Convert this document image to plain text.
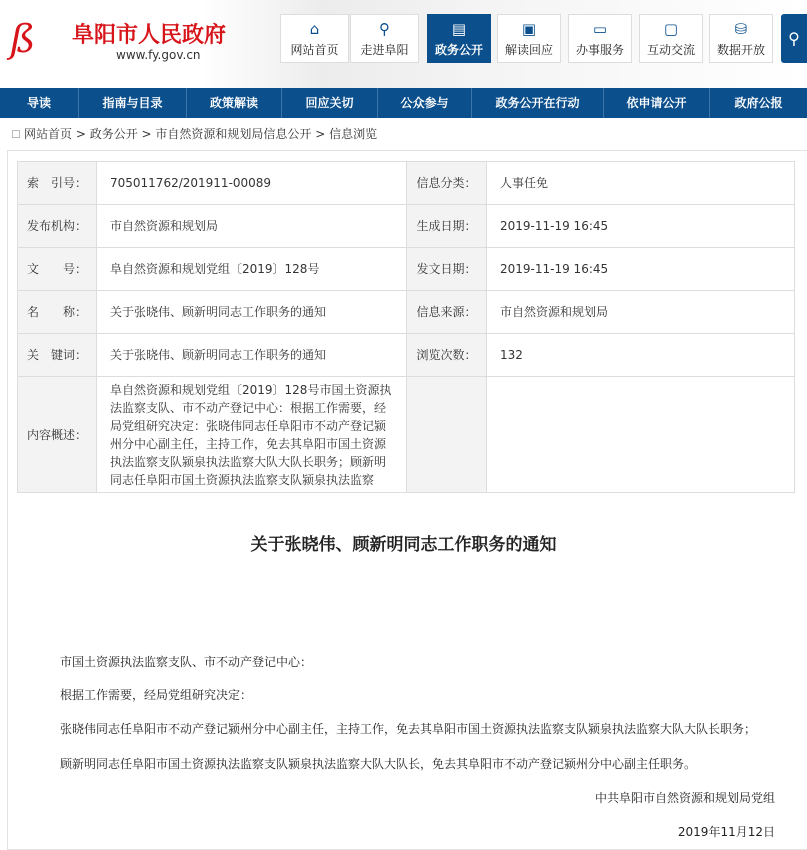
ß	阜阳市人民政府
www.fy.gov.cn
⌂
网站首页
⚲
走进阜阳
▤
政务公开
▣
解读回应
▭
办事服务
▢
互动交流
⛁
数据开放
⚲
导读	指南与目录	政策解读	回应关切	公众参与	政务公开在行动	依申请公开	政府公报
网站首页 > 政务公开 > 市自然资源和规划局信息公开 > 信息浏览
索　引号：	705011762/201911-00089	信息分类：	人事任免
发布机构：	市自然资源和规划局	生成日期：	2019-11-19 16:45
文　　号：	阜自然资源和规划党组〔2019〕128号	发文日期：	2019-11-19 16:45
名　　称：	关于张晓伟、顾新明同志工作职务的通知	信息来源：	市自然资源和规划局
关　键词：	关于张晓伟、顾新明同志工作职务的通知	浏览次数：	132
内容概述：	阜自然资源和规划党组〔2019〕128号市国土资源执法监察支队、市不动产登记中心：根据工作需要，经局党组研究决定：张晓伟同志任阜阳市不动产登记颍州分中心副主任，主持工作，免去其阜阳市国土资源执法监察支队颍泉执法监察大队大队长职务；顾新明同志任阜阳市国土资源执法监察支队颍泉执法监察		
关于张晓伟、顾新明同志工作职务的通知
市国土资源执法监察支队、市不动产登记中心：
根据工作需要，经局党组研究决定：
张晓伟同志任阜阳市不动产登记颍州分中心副主任，主持工作，免去其阜阳市国土资源执法监察支队颍泉执法监察大队大队长职务；
顾新明同志任阜阳市国土资源执法监察支队颍泉执法监察大队大队长，免去其阜阳市不动产登记颍州分中心副主任职务。
中共阜阳市自然资源和规划局党组
2019年11月12日
